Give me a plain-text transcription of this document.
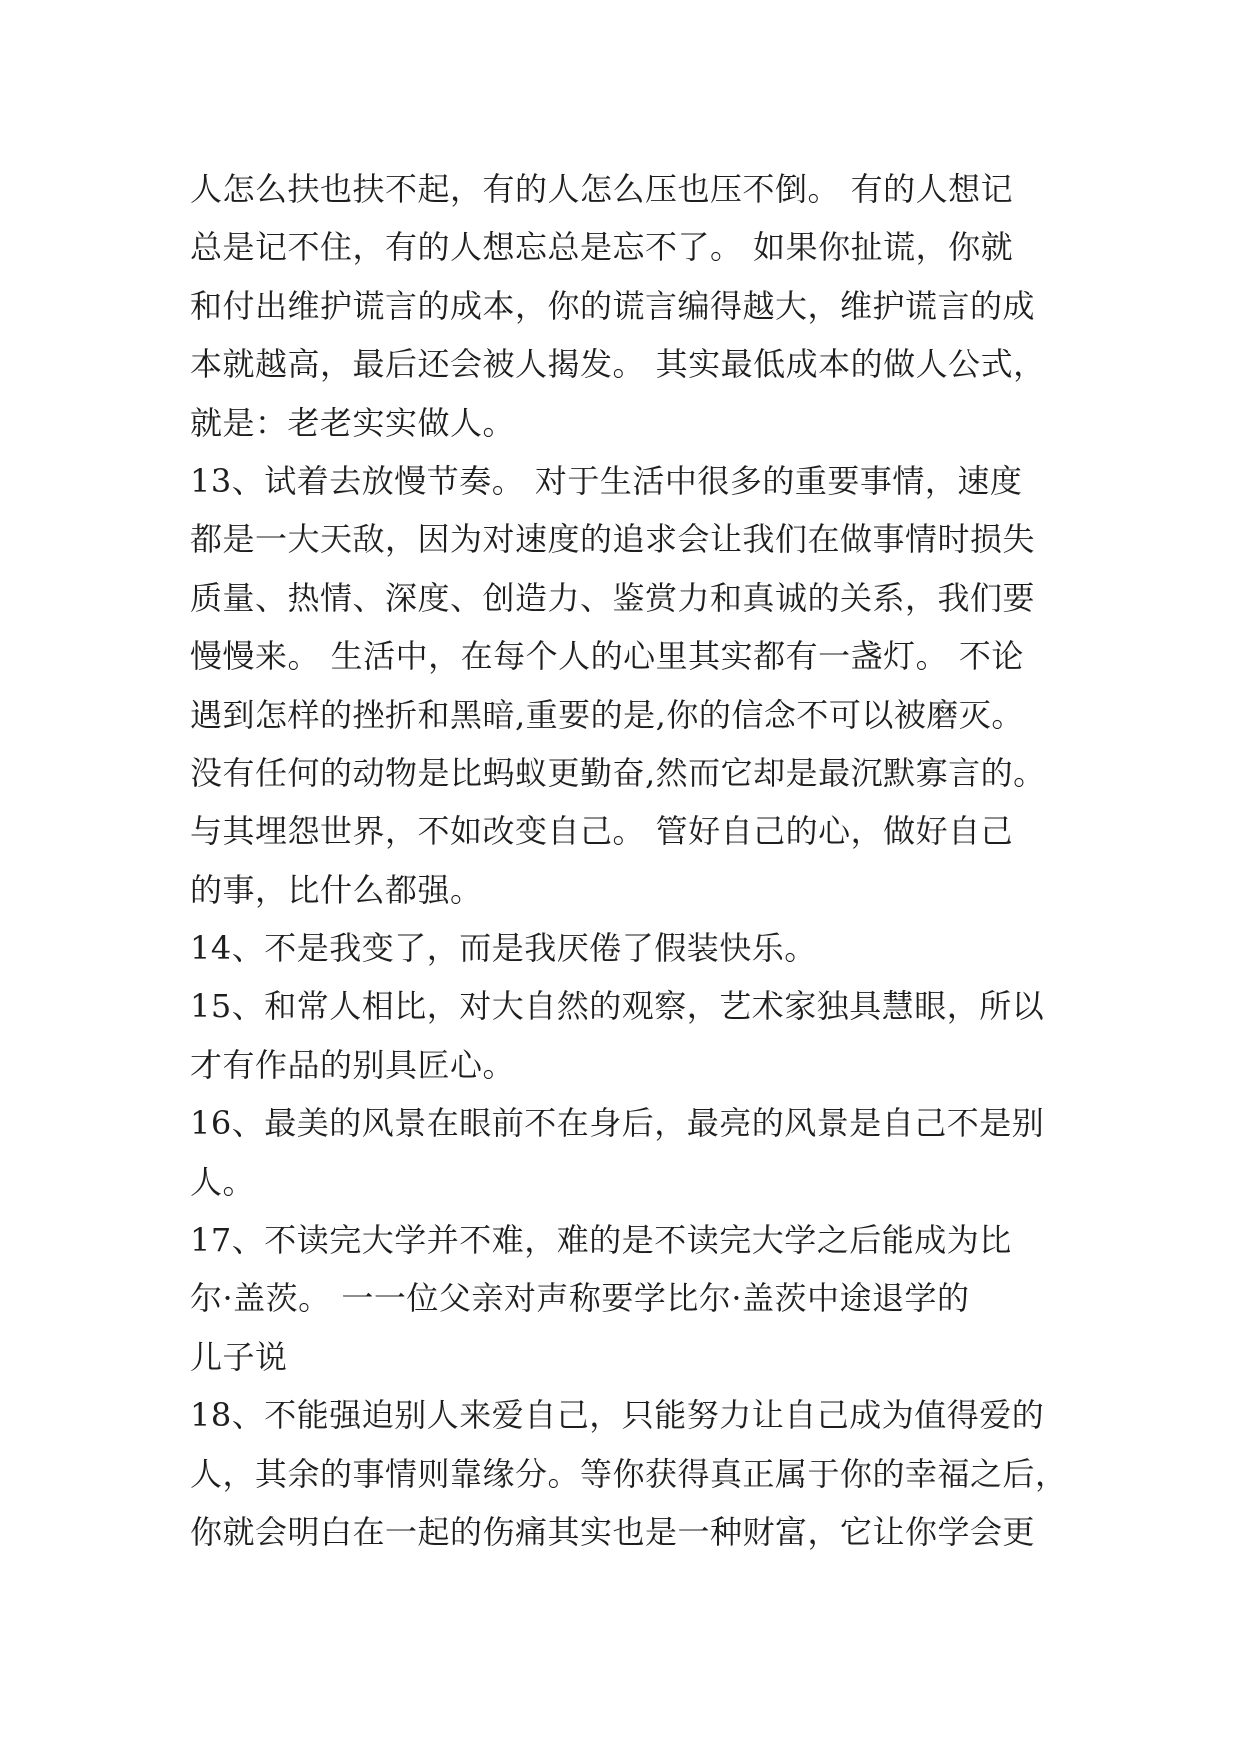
人怎么扶也扶不起，有的人怎么压也压不倒。 有的人想记
总是记不住，有的人想忘总是忘不了。 如果你扯谎，你就
和付出维护谎言的成本，你的谎言编得越大，维护谎言的成
本就越高，最后还会被人揭发。 其实最低成本的做人公式，
就是：老老实实做人。
13、试着去放慢节奏。 对于生活中很多的重要事情，速度
都是一大天敌，因为对速度的追求会让我们在做事情时损失
质量、热情、深度、创造力、鉴赏力和真诚的关系，我们要
慢慢来。 生活中，在每个人的心里其实都有一盏灯。 不论
遇到怎样的挫折和黑暗,重要的是,你的信念不可以被磨灭。
没有任何的动物是比蚂蚁更勤奋,然而它却是最沉默寡言的。
与其埋怨世界，不如改变自己。 管好自己的心，做好自己
的事，比什么都强。
14、不是我变了，而是我厌倦了假装快乐。
15、和常人相比，对大自然的观察，艺术家独具慧眼，所以
才有作品的别具匠心。
16、最美的风景在眼前不在身后，最亮的风景是自己不是别
人。
17、不读完大学并不难，难的是不读完大学之后能成为比
尔·盖茨。 一一位父亲对声称要学比尔·盖茨中途退学的
儿子说
18、不能强迫别人来爱自己，只能努力让自己成为值得爱的
人，其余的事情则靠缘分。等你获得真正属于你的幸福之后，
你就会明白在一起的伤痛其实也是一种财富，它让你学会更
